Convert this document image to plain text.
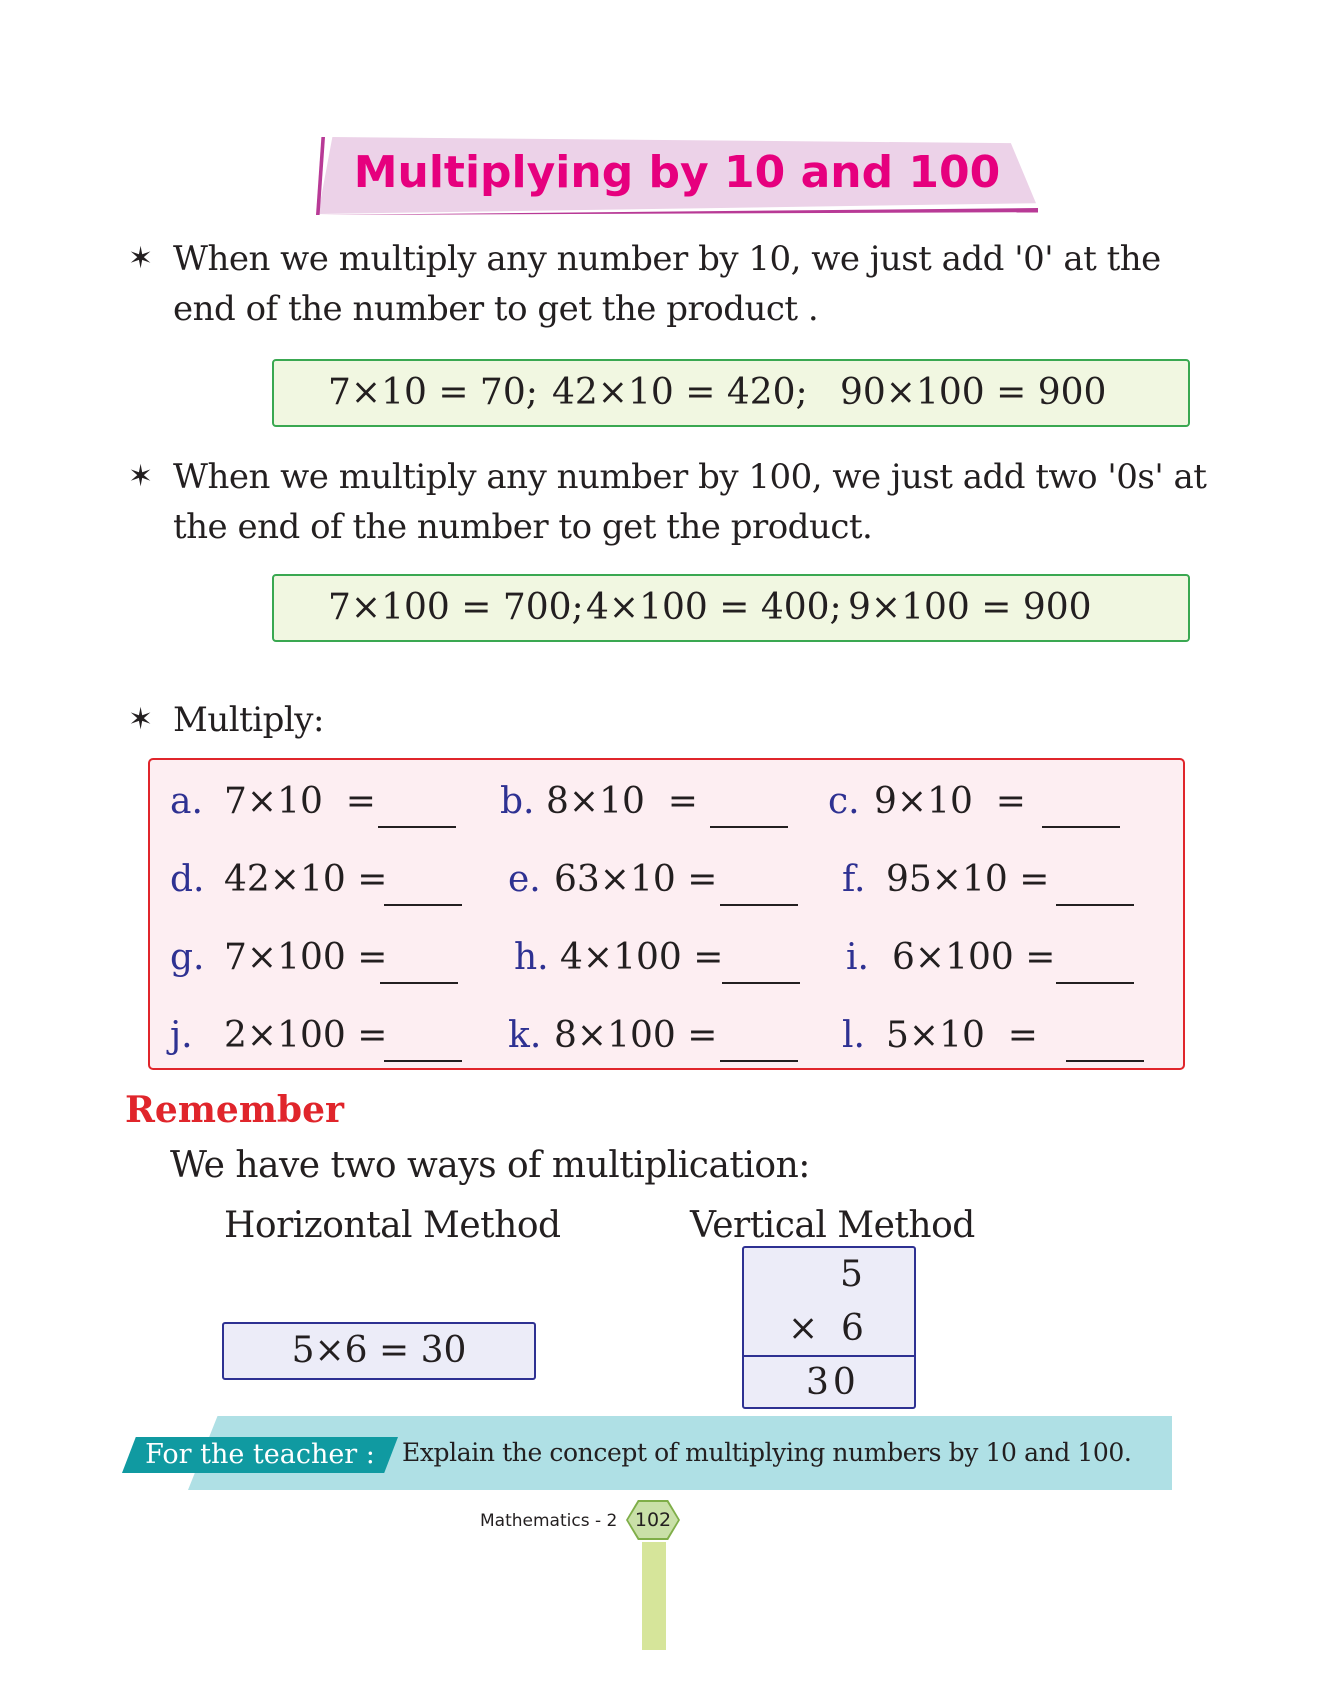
Multiplying by 10 and 100
✶ When we multiply any number by 10, we just add '0' at the end of the number to get the product .
7×10 = 70; 42×10 = 420; 90×100 = 900
✶ When we multiply any number by 100, we just add two '0s' at the end of the number to get the product.
7×100 = 700; 4×100 = 400; 9×100 = 900
✶ Multiply:
a. 7×10  =	b. 8×10  =	c. 9×10  =
d. 42×10 =	e. 63×10 =	f. 95×10 =
g. 7×100 =	h. 4×100 =	i. 6×100 =
j. 2×100 =	k. 8×100 =	l. 5×10  =
Remember
We have two ways of multiplication:
Horizontal Method	Vertical Method
5×6 = 30
5
×  6
30
For the teacher :	Explain the concept of multiplying numbers by 10 and 100.
Mathematics - 2 102
